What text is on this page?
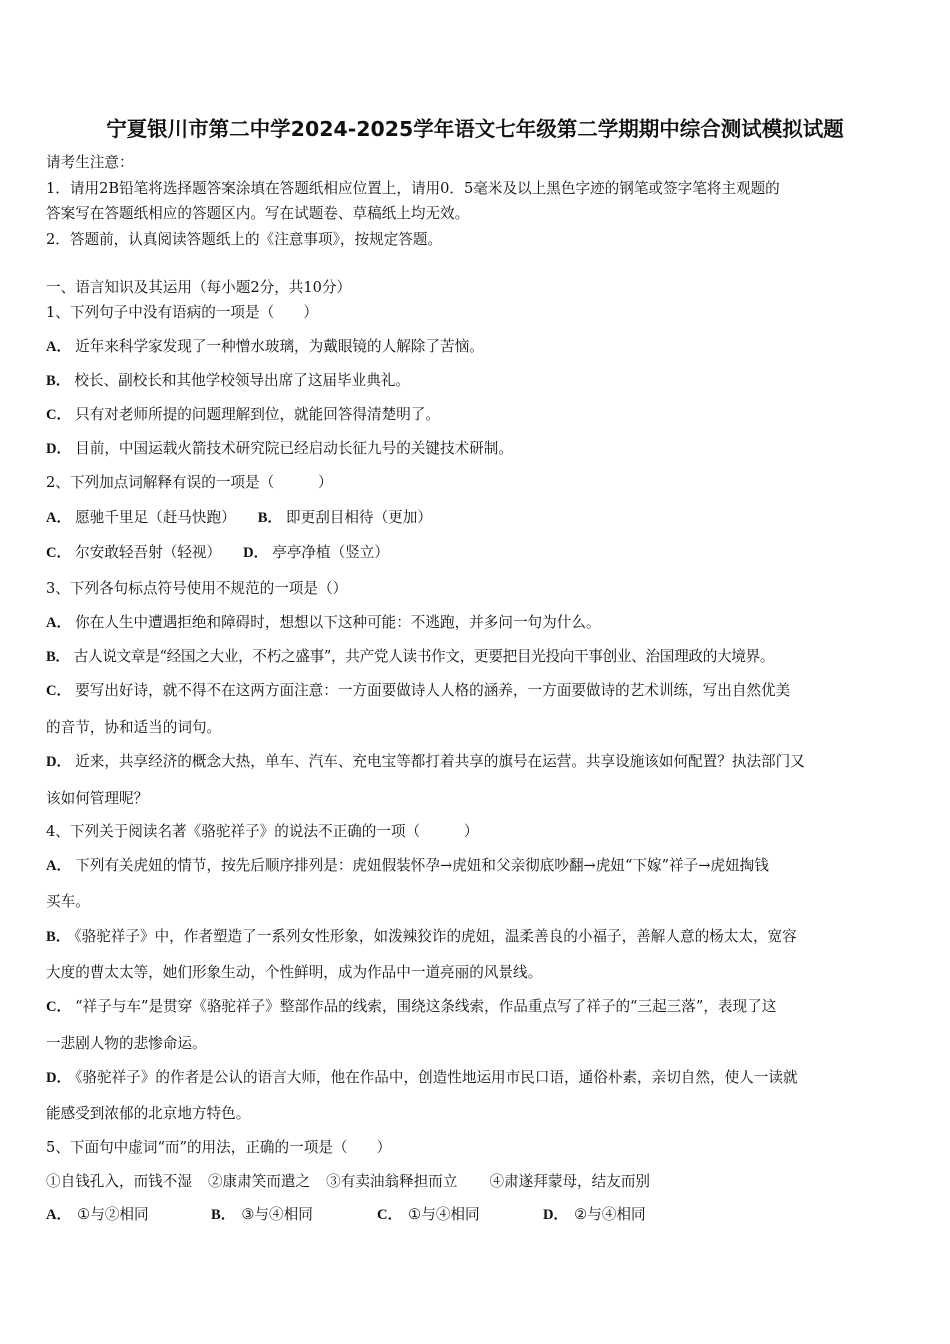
宁夏银川市第二中学2024-2025学年语文七年级第二学期期中综合测试模拟试题
请考生注意：
1．请用2B铅笔将选择题答案涂填在答题纸相应位置上，请用0．5毫米及以上黑色字迹的钢笔或签字笔将主观题的
答案写在答题纸相应的答题区内。写在试题卷、草稿纸上均无效。
2．答题前，认真阅读答题纸上的《注意事项》，按规定答题。
一、语言知识及其运用（每小题2分，共10分）
1、下列句子中没有语病的一项是（　　）
A． 近年来科学家发现了一种憎水玻璃，为戴眼镜的人解除了苦恼。
B． 校长、副校长和其他学校领导出席了这届毕业典礼。
C． 只有对老师所提的问题理解到位，就能回答得清楚明了。
D． 目前，中国运载火箭技术研究院已经启动长征九号的关键技术研制。
2、下列加点词解释有误的一项是（　　　）
A． 愿驰千里足（赶马快跑） B． 即更刮目相待（更加）
C． 尔安敢轻吾射（轻视） D． 亭亭净植（竖立）
3、下列各句标点符号使用不规范的一项是（）
A． 你在人生中遭遇拒绝和障碍时，想想以下这种可能：不逃跑，并多问一句为什么。
B． 古人说文章是“经国之大业，不朽之盛事”，共产党人读书作文，更要把目光投向干事创业、治国理政的大境界。
C． 要写出好诗，就不得不在这两方面注意：一方面要做诗人人格的涵养，一方面要做诗的艺术训练，写出自然优美
的音节，协和适当的词句。
D． 近来，共享经济的概念大热，单车、汽车、充电宝等都打着共享的旗号在运营。共享设施该如何配置？执法部门又
该如何管理呢？
4、下列关于阅读名著《骆驼祥子》的说法不正确的一项（　　　）
A． 下列有关虎妞的情节，按先后顺序排列是：虎妞假装怀孕→虎妞和父亲彻底吵翻→虎妞“下嫁”祥子→虎妞掏钱
买车。
B． 《骆驼祥子》中，作者塑造了一系列女性形象，如泼辣狡诈的虎妞，温柔善良的小福子，善解人意的杨太太，宽容
大度的曹太太等，她们形象生动，个性鲜明，成为作品中一道亮丽的风景线。
C． “祥子与车”是贯穿《骆驼祥子》整部作品的线索，围绕这条线索，作品重点写了祥子的“三起三落”，表现了这
一悲剧人物的悲惨命运。
D． 《骆驼祥子》的作者是公认的语言大师，他在作品中，创造性地运用市民口语，通俗朴素，亲切自然，使人一读就
能感受到浓郁的北京地方特色。
5、下面句中虚词“而”的用法，正确的一项是（　　）
①自钱孔入，而钱不湿 ②康肃笑而遣之 ③有卖油翁释担而立 ④肃遂拜蒙母，结友而别
A． ①与②相同	B． ③与④相同	C． ①与④相同	D． ②与④相同
